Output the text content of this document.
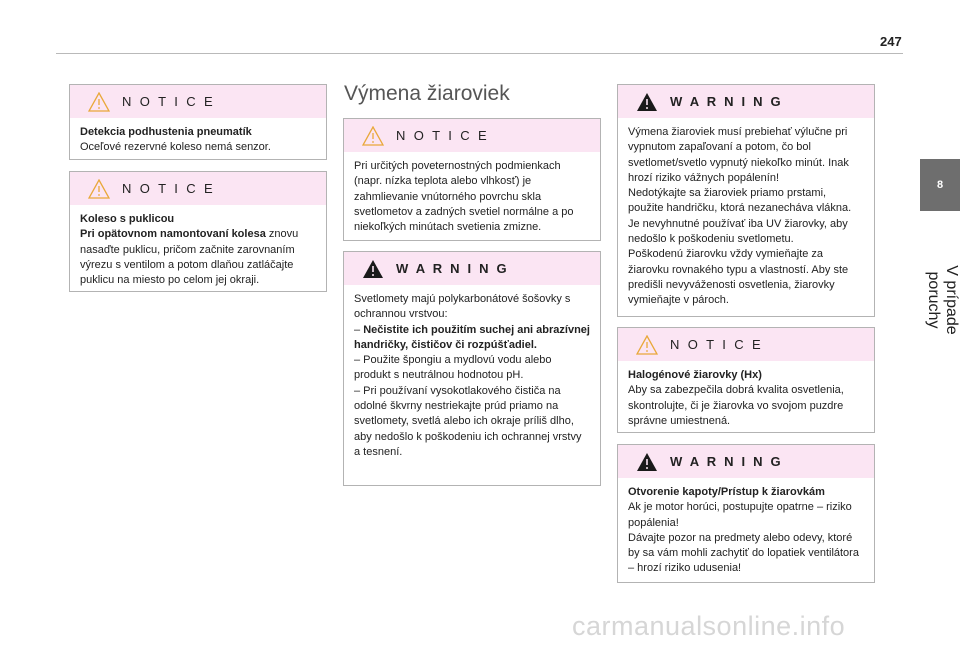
247
8
V prípade poruchy
N O T I C E

Detekcia podhustenia pneumatík

Oceľové rezervné koleso nemá senzor.

N O T I C E

Koleso s puklicou

Pri opätovnom namontovaní kolesa znovu nasaďte puklicu, pričom začnite zarovnaním výrezu s ventilom a potom dlaňou zatláčajte puklicu na miesto po celom jej okraji.

Výmena žiaroviek
N O T I C E

Pri určitých poveternostných podmienkach (napr. nízka teplota alebo vlhkosť) je zahmlievanie vnútorného povrchu skla svetlometov a zadných svetiel normálne a po niekoľkých minútach svetienia zmizne.

W A R N I N G

Svetlomety majú polykarbonátové šošovky s ochrannou vrstvou:

– Nečistite ich použitím suchej ani abrazívnej handričky, čističov či rozpúšťadiel.

– Použite špongiu a mydlovú vodu alebo produkt s neutrálnou hodnotou pH.

– Pri používaní vysokotlakového čističa na odolné škvrny nestriekajte prúd priamo na svetlomety, svetlá alebo ich okraje príliš dlho, aby nedošlo k poškodeniu ich ochrannej vrstvy a tesnení.

W A R N I N G

Výmena žiaroviek musí prebiehať výlučne pri vypnutom zapaľovaní a potom, čo bol svetlomet/svetlo vypnutý niekoľko minút. Inak hrozí riziko vážnych popálenín!

Nedotýkajte sa žiaroviek priamo prstami, použite handričku, ktorá nezanecháva vlákna.

Je nevyhnutné používať iba UV žiarovky, aby nedošlo k poškodeniu svetlometu.

Poškodenú žiarovku vždy vymieňajte za žiarovku rovnakého typu a vlastností. Aby ste predišli nevyváženosti osvetlenia, žiarovky vymieňajte v pároch.

N O T I C E

Halogénové žiarovky (Hx)

Aby sa zabezpečila dobrá kvalita osvetlenia, skontrolujte, či je žiarovka vo svojom puzdre správne umiestnená.

W A R N I N G

Otvorenie kapoty/Prístup k žiarovkám

Ak je motor horúci, postupujte opatrne – riziko popálenia!

Dávajte pozor na predmety alebo odevy, ktoré by sa vám mohli zachytiť do lopatiek ventilátora – hrozí riziko udusenia!

carmanualsonline.info
